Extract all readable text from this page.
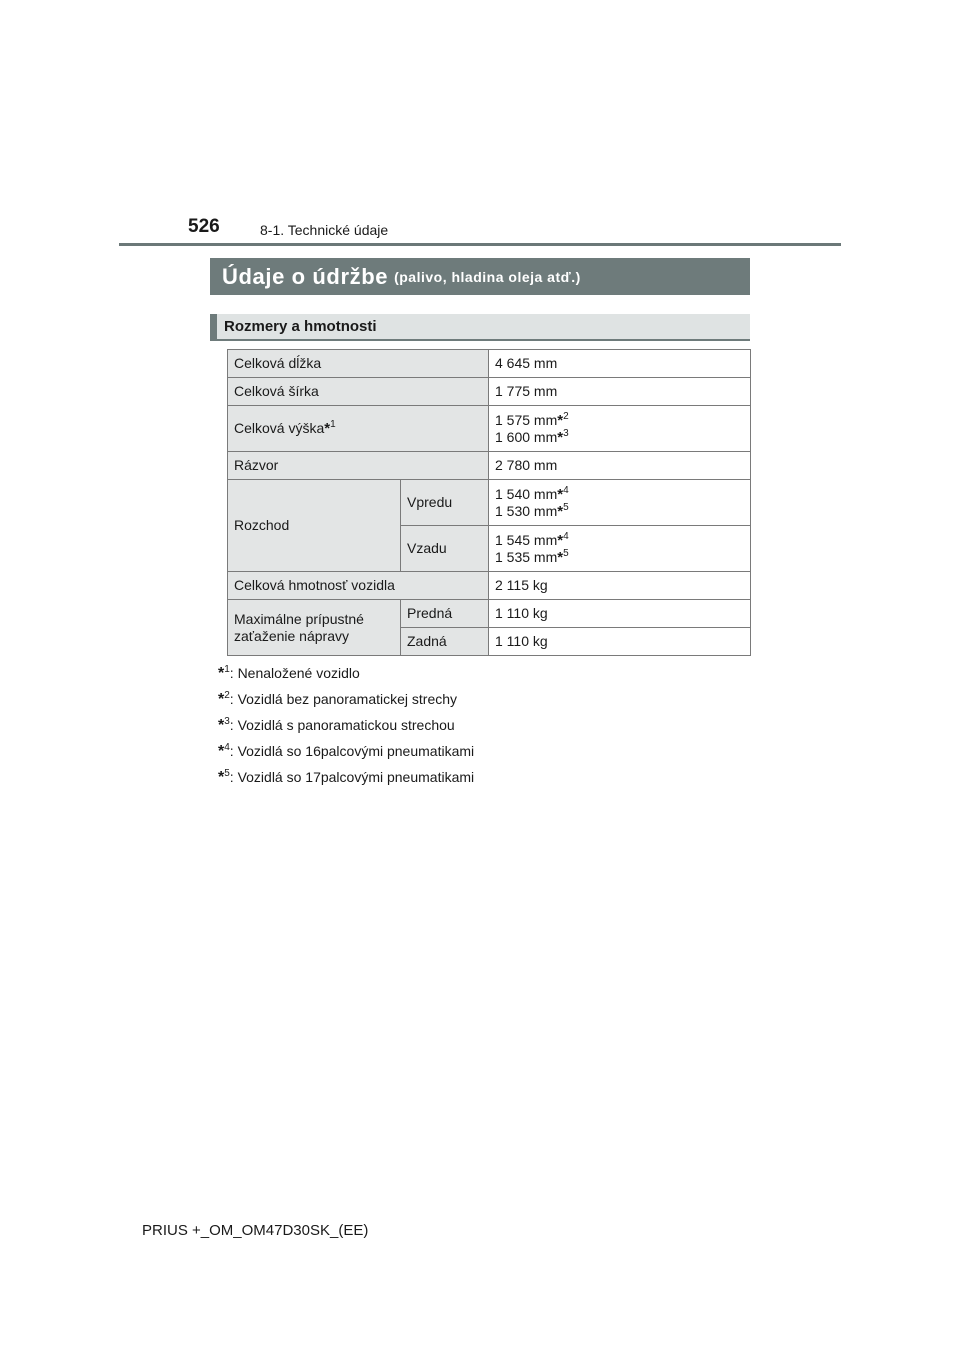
526	8-1. Technické údaje
Údaje o údržbe (palivo, hladina oleja atď.)
Rozmery a hmotnosti
Celková dĺžka		4 645 mm
Celková šírka		1 775 mm
Celková výška*$^1$		1 575 mm*$^2$
1 600 mm*$^3$
Rázvor		2 780 mm
Rozchod	Vpredu	1 540 mm*$^4$
1 530 mm*$^5$
	Vzadu	1 545 mm*$^4$
1 535 mm*$^5$
Celková hmotnosť vozidla		2 115 kg
Maximálne prípustné zaťaženie nápravy	Predná	1 110 kg
	Zadná	1 110 kg
*$^1$: Nenaložené vozidlo
*$^2$: Vozidlá bez panoramatickej strechy
*$^3$: Vozidlá s panoramatickou strechou
*$^4$: Vozidlá so 16palcovými pneumatikami
*$^5$: Vozidlá so 17palcovými pneumatikami
PRIUS +_OM_OM47D30SK_(EE)
